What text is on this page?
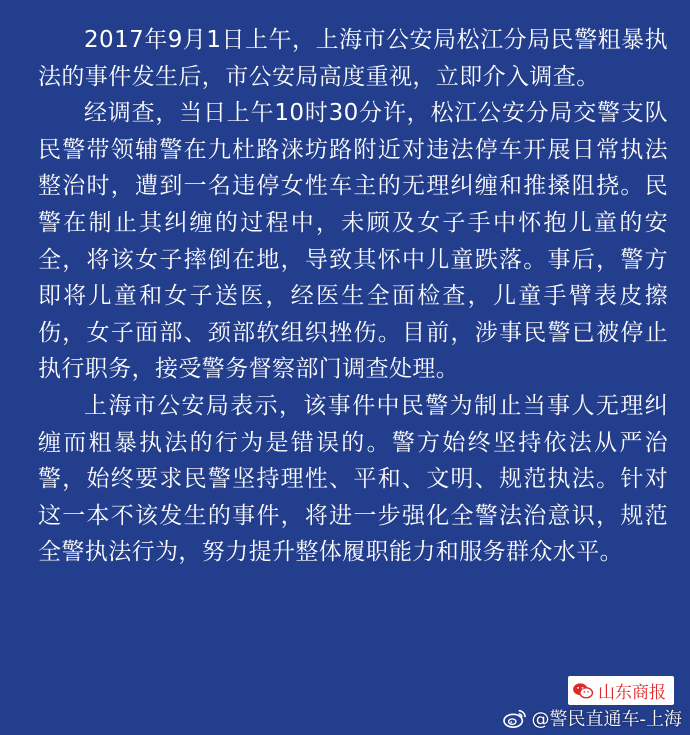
2017年9月1日上午，上海市公安局松江分局民警粗暴执法的事件发生后，市公安局高度重视，立即介入调查。

经调查，当日上午10时30分许，松江公安分局交警支队民警带领辅警在九杜路涞坊路附近对违法停车开展日常执法整治时，遭到一名违停女性车主的无理纠缠和推搡阻挠。民警在制止其纠缠的过程中，未顾及女子手中怀抱儿童的安全，将该女子摔倒在地，导致其怀中儿童跌落。事后，警方即将儿童和女子送医，经医生全面检查，儿童手臂表皮擦伤，女子面部、颈部软组织挫伤。目前，涉事民警已被停止执行职务，接受警务督察部门调查处理。

上海市公安局表示，该事件中民警为制止当事人无理纠缠而粗暴执法的行为是错误的。警方始终坚持依法从严治警，始终要求民警坚持理性、平和、文明、规范执法。针对这一本不该发生的事件，将进一步强化全警法治意识，规范全警执法行为，努力提升整体履职能力和服务群众水平。

山东商报
@警民直通车-上海
